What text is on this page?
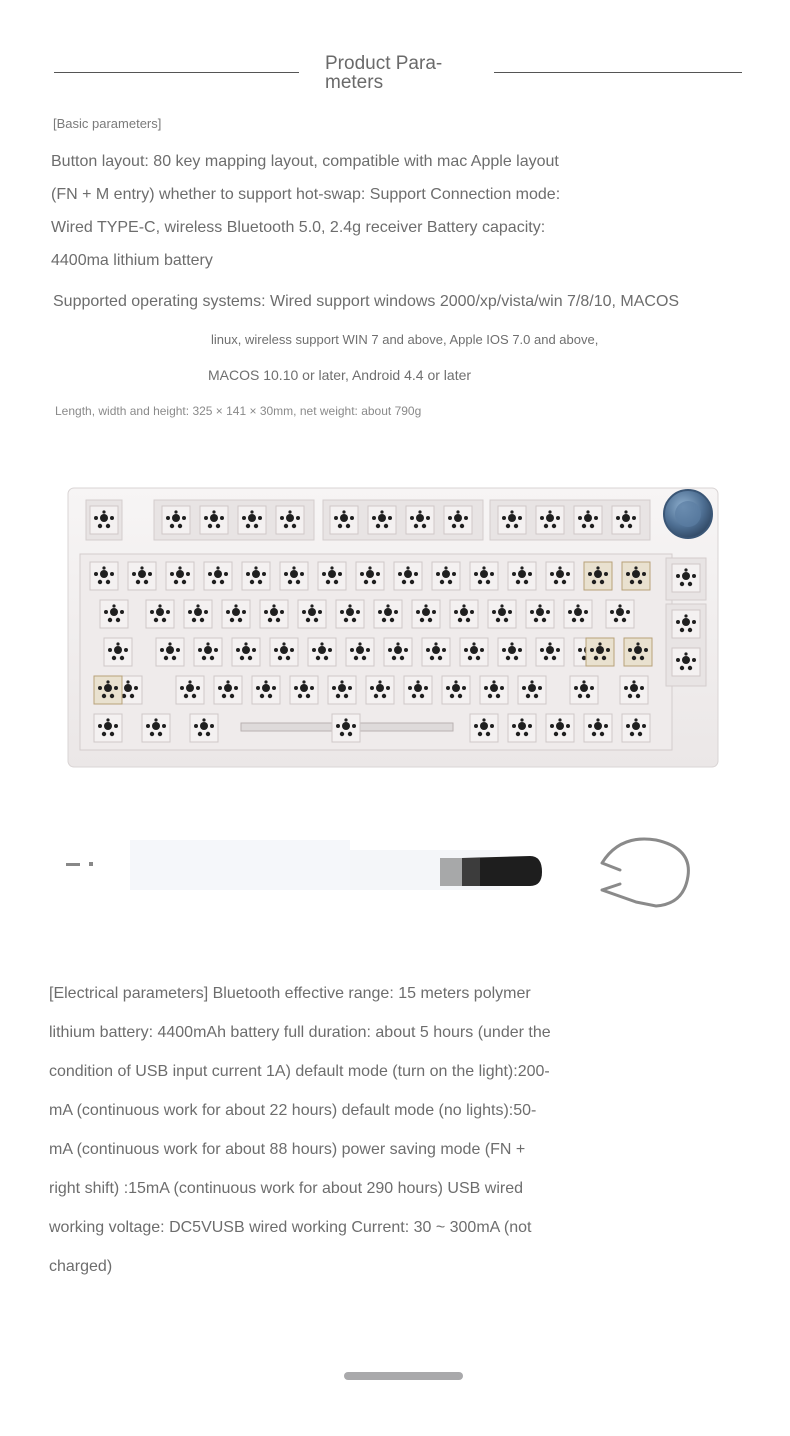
Product Para- meters
[Basic parameters]
Button layout: 80 key mapping layout, compatible with mac Apple layout
(FN + M entry) whether to support hot-swap: Support Connection mode:
Wired TYPE-C, wireless Bluetooth 5.0, 2.4g receiver Battery capacity:
4400ma lithium battery
Supported operating systems: Wired support windows 2000/xp/vista/win 7/8/10, MACOS
linux, wireless support WIN 7 and above, Apple IOS 7.0 and above,
MACOS 10.10 or later, Android 4.4 or later
Length, width and height: 325 × 141 × 30mm, net weight: about 790g
[Electrical parameters] Bluetooth effective range: 15 meters polymer
lithium battery: 4400mAh battery full duration: about 5 hours (under the
condition of USB input current 1A) default mode (turn on the light):200-
mA (continuous work for about 22 hours) default mode (no lights):50-
mA (continuous work for about 88 hours) power saving mode (FN +
right shift) :15mA (continuous work for about 290 hours) USB wired
working voltage: DC5VUSB wired working Current: 30 ~ 300mA (not
charged)
